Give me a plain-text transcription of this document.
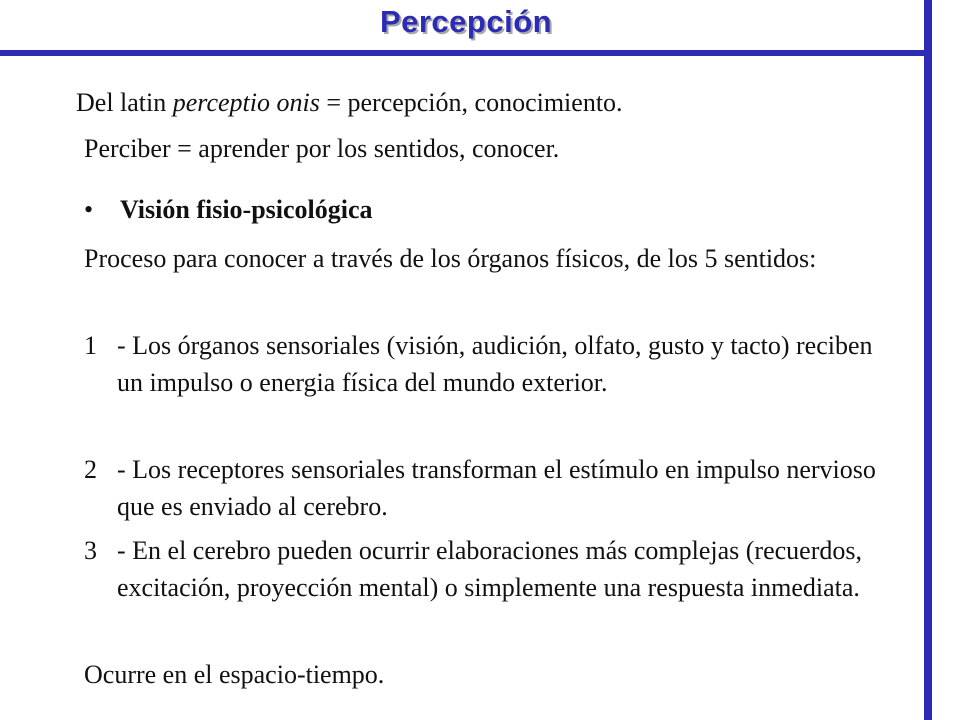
Percepción
Del latin perceptio onis = percepción, conocimiento.
Perciber = aprender por los sentidos, conocer.
• Visión fisio-psicológica
Proceso para conocer a través de los órganos físicos, de los 5 sentidos:
1 - Los órganos sensoriales (visión, audición, olfato, gusto y tacto) reciben un impulso o energia física del mundo exterior.
2 - Los receptores sensoriales transforman el estímulo en impulso nervioso que es enviado al cerebro.
3 - En el cerebro pueden ocurrir elaboraciones más complejas (recuerdos, excitación, proyección mental) o simplemente una respuesta inmediata.
Ocurre en el espacio-tiempo.
